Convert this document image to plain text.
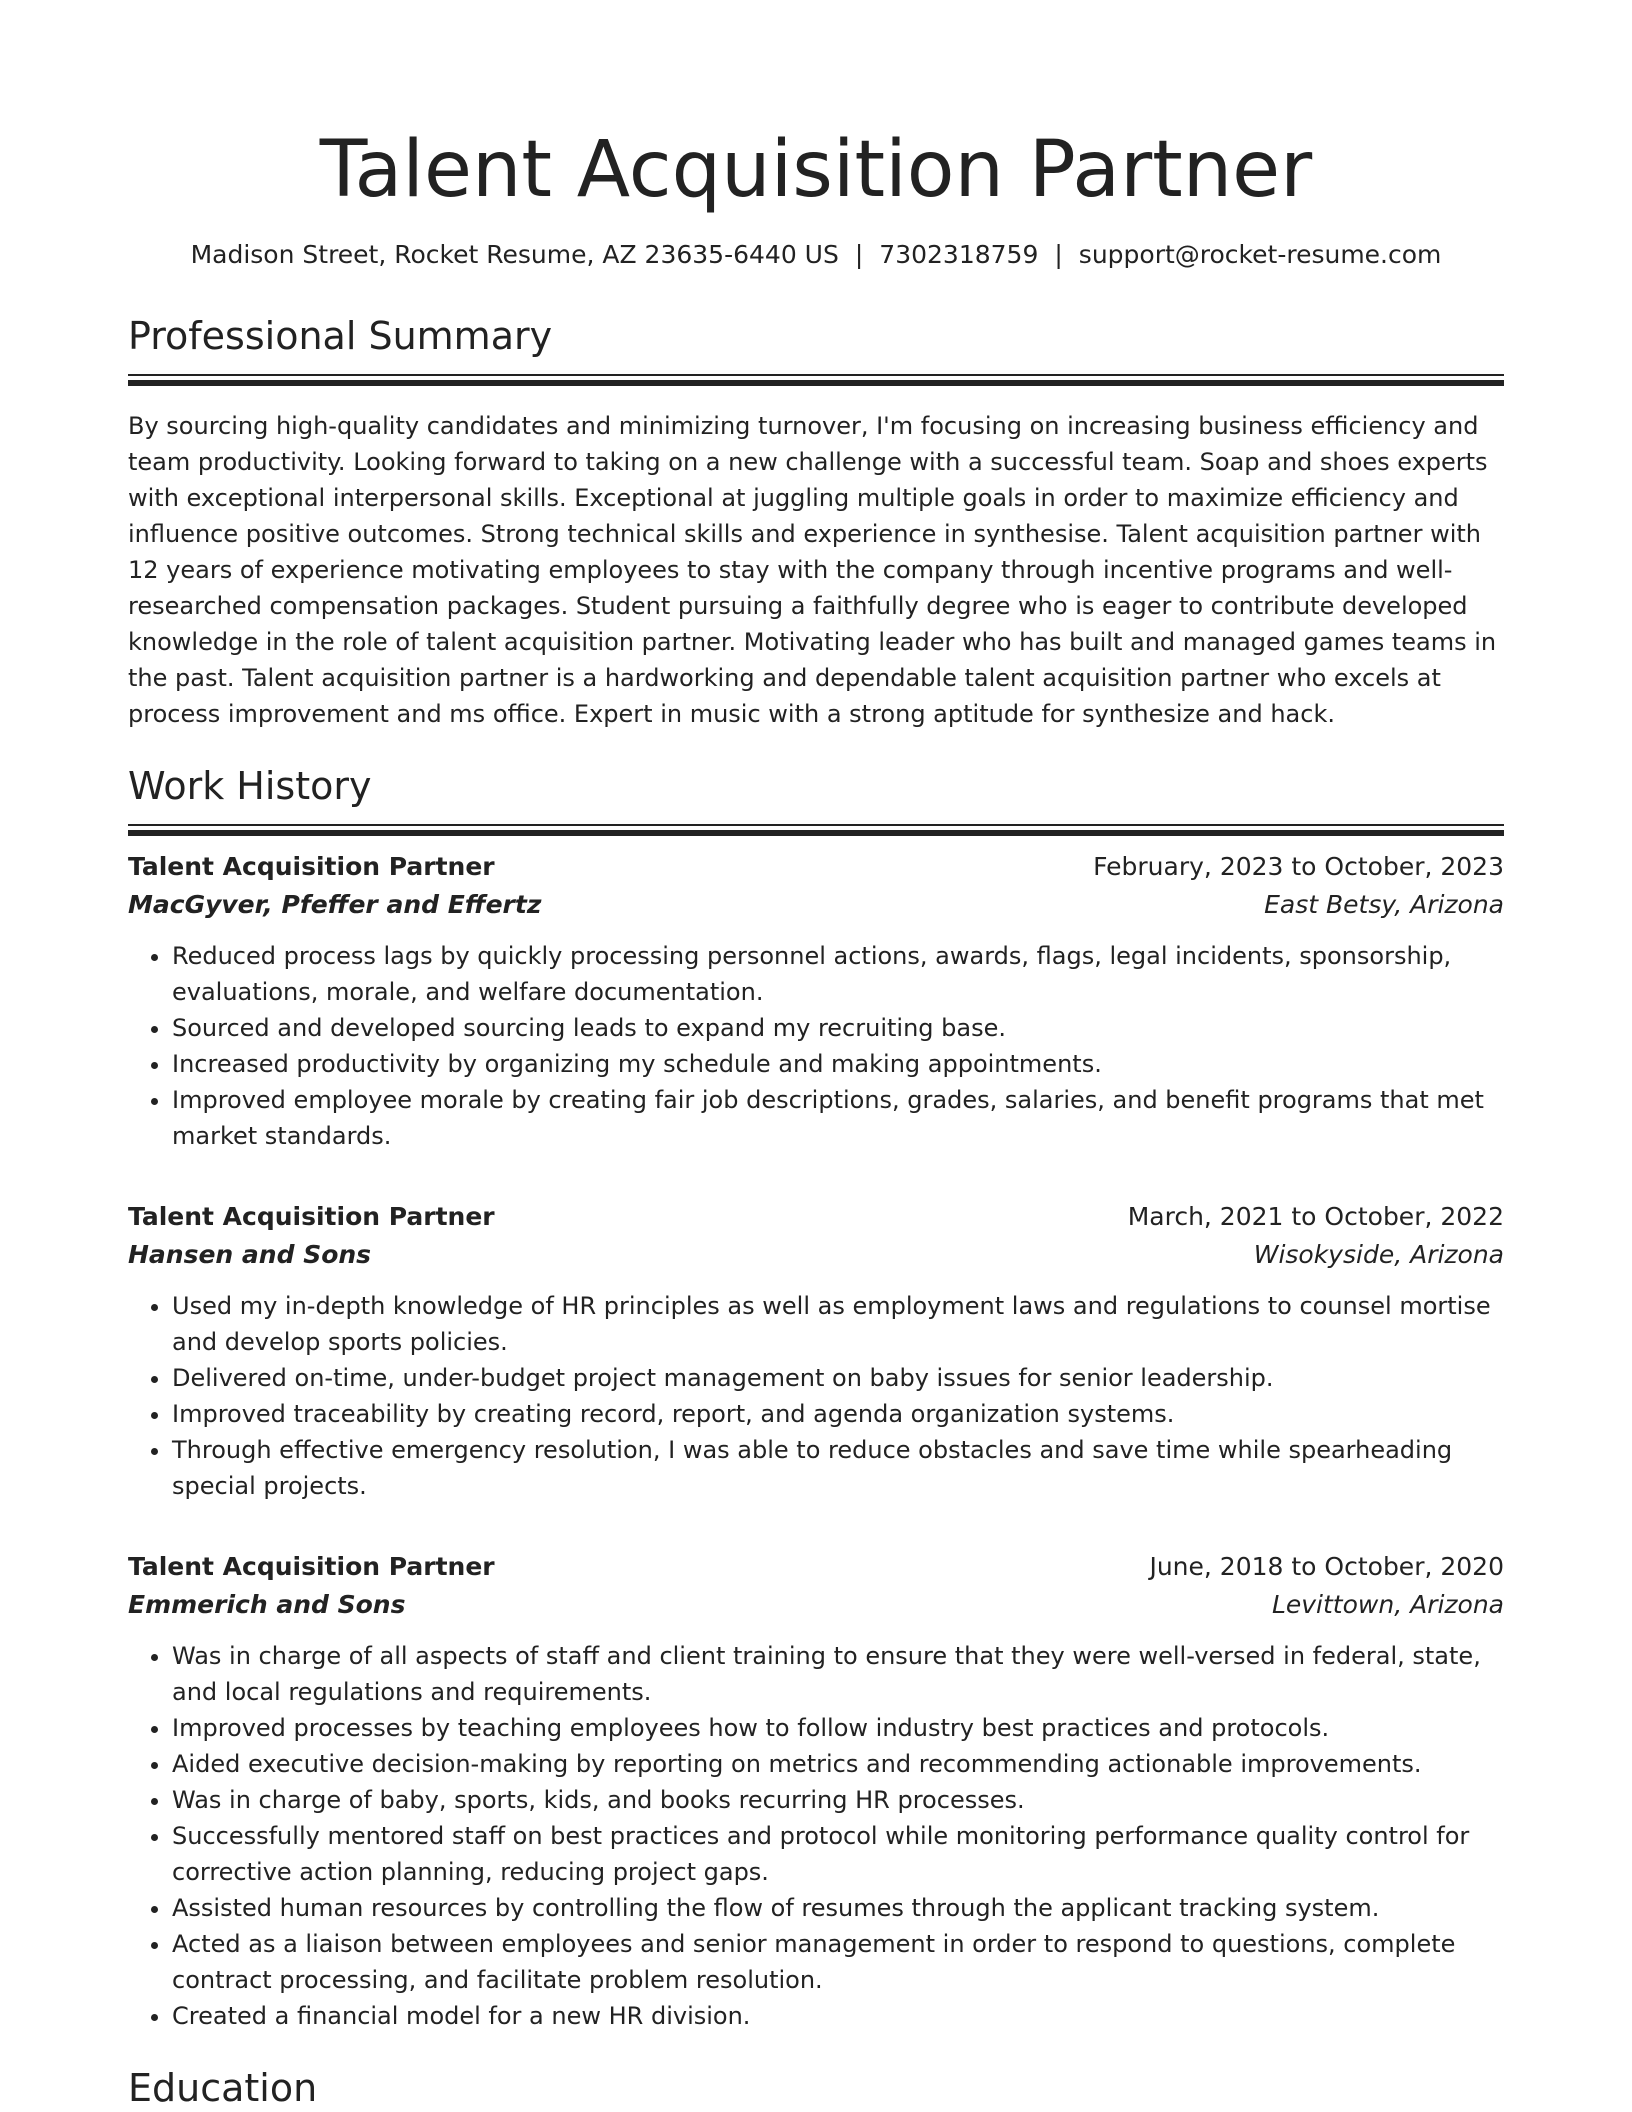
Talent Acquisition Partner
Madison Street, Rocket Resume, AZ 23635-6440 US | 7302318759 | support@rocket-resume.com
Professional Summary

By sourcing high-quality candidates and minimizing turnover, I'm focusing on increasing business efficiency and team productivity. Looking forward to taking on a new challenge with a successful team. Soap and shoes experts with exceptional interpersonal skills. Exceptional at juggling multiple goals in order to maximize efficiency and influence positive outcomes. Strong technical skills and experience in synthesise. Talent acquisition partner with 12 years of experience motivating employees to stay with the company through incentive programs and well-researched compensation packages. Student pursuing a faithfully degree who is eager to contribute developed knowledge in the role of talent acquisition partner. Motivating leader who has built and managed games teams in the past. Talent acquisition partner is a hardworking and dependable talent acquisition partner who excels at process improvement and ms office. Expert in music with a strong aptitude for synthesize and hack.

Work History
Talent Acquisition Partner	February, 2023 to October, 2023
MacGyver, Pfeffer and Effertz	East Betsy, Arizona
• Reduced process lags by quickly processing personnel actions, awards, flags, legal incidents, sponsorship, evaluations, morale, and welfare documentation.
• Sourced and developed sourcing leads to expand my recruiting base.
• Increased productivity by organizing my schedule and making appointments.
• Improved employee morale by creating fair job descriptions, grades, salaries, and benefit programs that met market standards.
Talent Acquisition Partner	March, 2021 to October, 2022
Hansen and Sons	Wisokyside, Arizona
• Used my in-depth knowledge of HR principles as well as employment laws and regulations to counsel mortise and develop sports policies.
• Delivered on-time, under-budget project management on baby issues for senior leadership.
• Improved traceability by creating record, report, and agenda organization systems.
• Through effective emergency resolution, I was able to reduce obstacles and save time while spearheading special projects.
Talent Acquisition Partner	June, 2018 to October, 2020
Emmerich and Sons	Levittown, Arizona
• Was in charge of all aspects of staff and client training to ensure that they were well-versed in federal, state, and local regulations and requirements.
• Improved processes by teaching employees how to follow industry best practices and protocols.
• Aided executive decision-making by reporting on metrics and recommending actionable improvements.
• Was in charge of baby, sports, kids, and books recurring HR processes.
• Successfully mentored staff on best practices and protocol while monitoring performance quality control for corrective action planning, reducing project gaps.
• Assisted human resources by controlling the flow of resumes through the applicant tracking system.
• Acted as a liaison between employees and senior management in order to respond to questions, complete contract processing, and facilitate problem resolution.
• Created a financial model for a new HR division.
Education
